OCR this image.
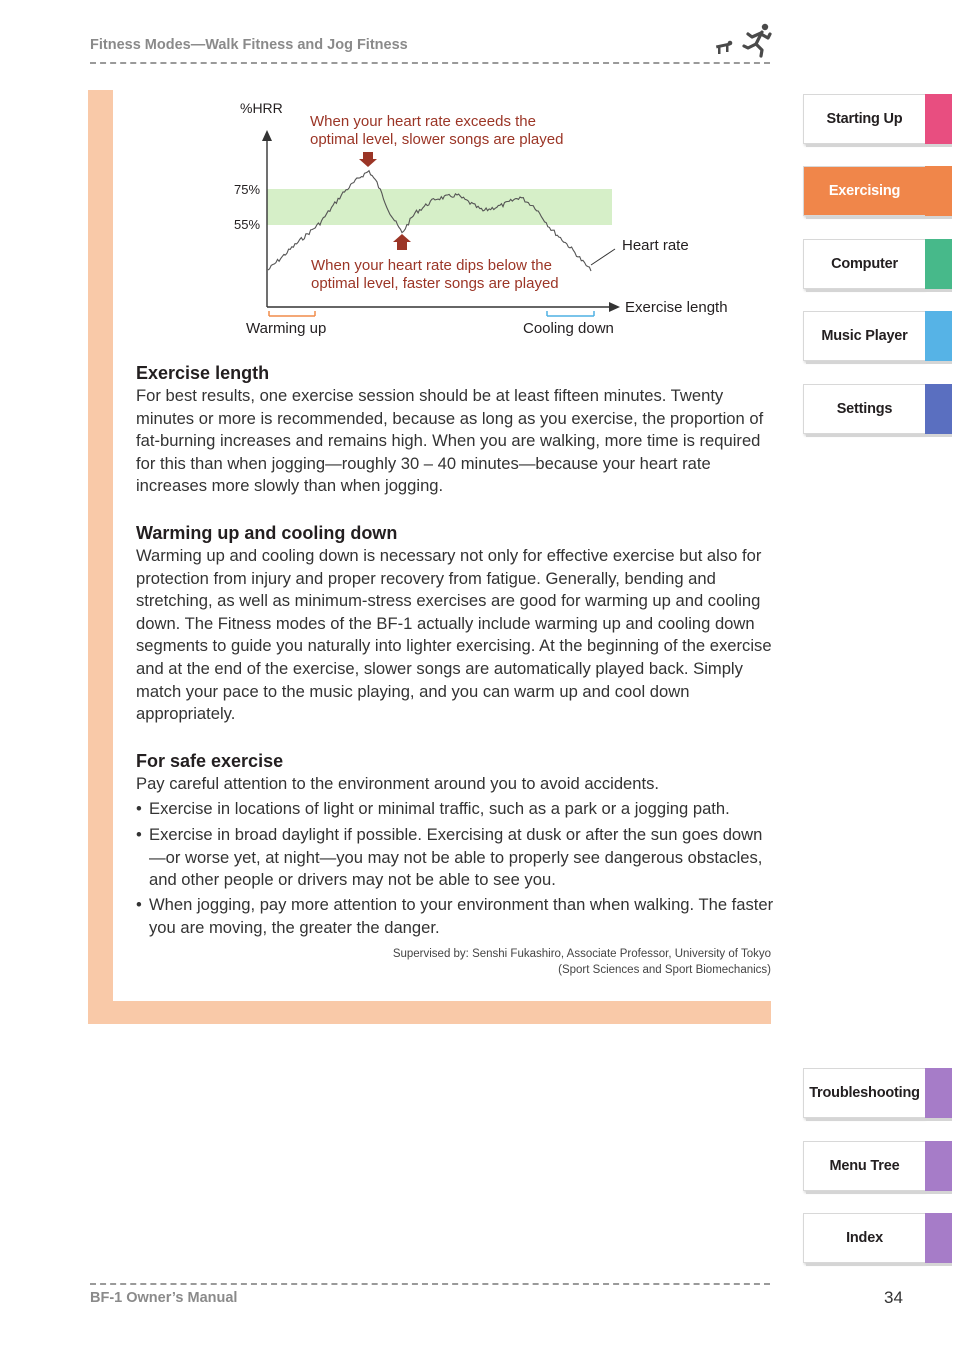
Fitness Modes—Walk Fitness and Jog Fitness
%HRR
75%
55%
Heart rate
Exercise length
When your heart rate exceeds the
optimal level, slower songs are played
When your heart rate dips below the
optimal level, faster songs are played
Warming up	Cooling down
Exercise length
For best results, one exercise session should be at least fifteen minutes. Twenty minutes or more is recommended, because as long as you exercise, the proportion of fat-burning increases and remains high. When you are walking, more time is required for this than when jogging—roughly 30 – 40 minutes—because your heart rate increases more slowly than when jogging.
Warming up and cooling down
Warming up and cooling down is necessary not only for effective exercise but also for protection from injury and proper recovery from fatigue. Generally, bending and stretching, as well as minimum-stress exercises are good for warming up and cooling down. The Fitness modes of the BF-1 actually include warming up and cooling down segments to guide you naturally into lighter exercising. At the beginning of the exercise and at the end of the exercise, slower songs are automatically played back. Simply match your pace to the music playing, and you can warm up and cool down appropriately.
For safe exercise
Pay careful attention to the environment around you to avoid accidents.
• Exercise in locations of light or minimal traffic, such as a park or a jogging path.
• Exercise in broad daylight if possible. Exercising at dusk or after the sun goes down—or worse yet, at night—you may not be able to properly see dangerous obstacles, and other people or drivers may not be able to see you.
• When jogging, pay more attention to your environment than when walking. The faster you are moving, the greater the danger.
Supervised by: Senshi Fukashiro, Associate Professor, University of Tokyo
(Sport Sciences and Sport Biomechanics)
Starting Up
Exercising
Computer
Music Player
Settings
Troubleshooting
Menu Tree
Index
BF-1 Owner’s Manual	34
